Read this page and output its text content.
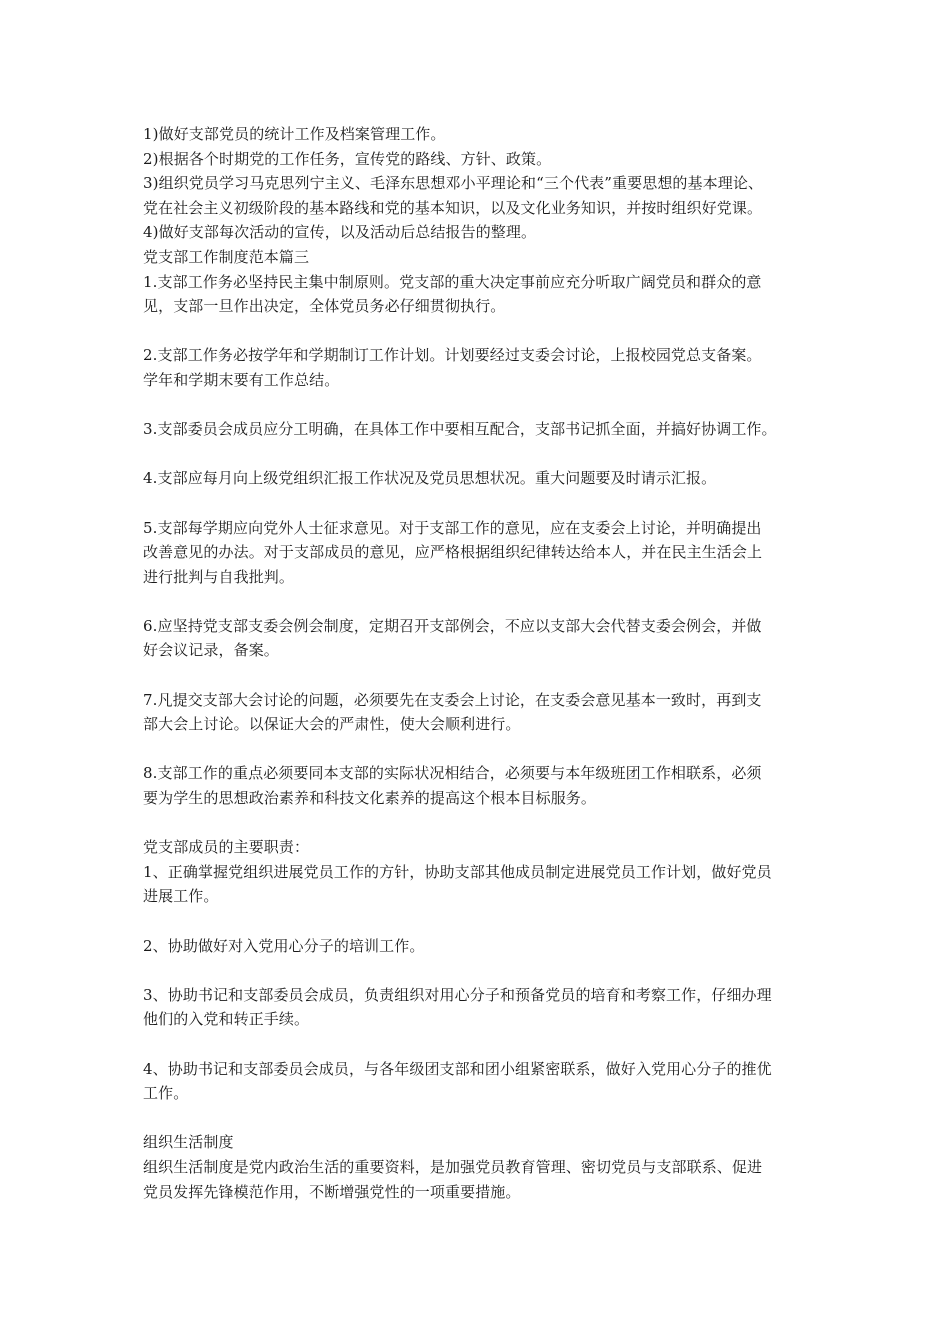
1)做好支部党员的统计工作及档案管理工作。
2)根据各个时期党的工作任务，宣传党的路线、方针、政策。
3)组织党员学习马克思列宁主义、毛泽东思想邓小平理论和“三个代表”重要思想的基本理论、
党在社会主义初级阶段的基本路线和党的基本知识，以及文化业务知识，并按时组织好党课。
4)做好支部每次活动的宣传，以及活动后总结报告的整理。
党支部工作制度范本篇三
1.支部工作务必坚持民主集中制原则。党支部的重大决定事前应充分听取广阔党员和群众的意
见，支部一旦作出决定，全体党员务必仔细贯彻执行。
2.支部工作务必按学年和学期制订工作计划。计划要经过支委会讨论，上报校园党总支备案。
学年和学期末要有工作总结。
3.支部委员会成员应分工明确，在具体工作中要相互配合，支部书记抓全面，并搞好协调工作。
4.支部应每月向上级党组织汇报工作状况及党员思想状况。重大问题要及时请示汇报。
5.支部每学期应向党外人士征求意见。对于支部工作的意见，应在支委会上讨论，并明确提出
改善意见的办法。对于支部成员的意见，应严格根据组织纪律转达给本人，并在民主生活会上
进行批判与自我批判。
6.应坚持党支部支委会例会制度，定期召开支部例会，不应以支部大会代替支委会例会，并做
好会议记录，备案。
7.凡提交支部大会讨论的问题，必须要先在支委会上讨论，在支委会意见基本一致时，再到支
部大会上讨论。以保证大会的严肃性，使大会顺利进行。
8.支部工作的重点必须要同本支部的实际状况相结合，必须要与本年级班团工作相联系，必须
要为学生的思想政治素养和科技文化素养的提高这个根本目标服务。
党支部成员的主要职责：
1、正确掌握党组织进展党员工作的方针，协助支部其他成员制定进展党员工作计划，做好党员
进展工作。
2、协助做好对入党用心分子的培训工作。
3、协助书记和支部委员会成员，负责组织对用心分子和预备党员的培育和考察工作，仔细办理
他们的入党和转正手续。
4、协助书记和支部委员会成员，与各年级团支部和团小组紧密联系，做好入党用心分子的推优
工作。
组织生活制度
组织生活制度是党内政治生活的重要资料，是加强党员教育管理、密切党员与支部联系、促进
党员发挥先锋模范作用，不断增强党性的一项重要措施。
